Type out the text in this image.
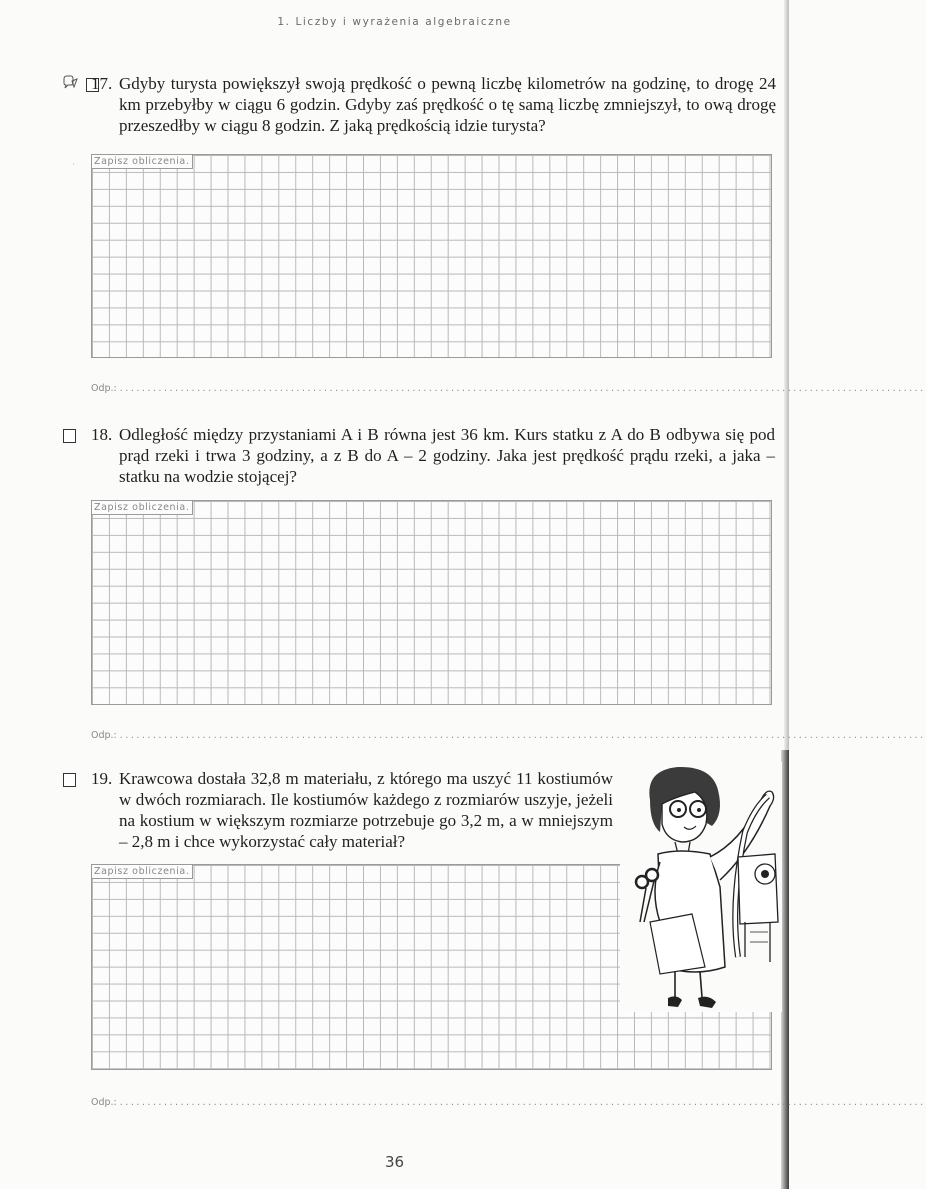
1. Liczby i wyrażenia algebraiczne
17. Gdyby turysta powiększył swoją prędkość o pewną liczbę kilometrów na godzinę, to drogę 24 km przebyłby w ciągu 6 godzin. Gdyby zaś prędkość o tę samą liczbę zmniejszył, to ową drogę przeszedłby w ciągu 8 godzin. Z jaką prędkością idzie turysta?
· Zapisz obliczenia.
Odp.: ..................................................................................................................................................
18. Odległość między przystaniami A i B równa jest 36 km. Kurs statku z A do B odbywa się pod prąd rzeki i trwa 3 godziny, a z B do A – 2 godziny. Jaka jest prędkość prądu rzeki, a jaka – statku na wodzie stojącej?
Zapisz obliczenia.
Odp.: ..................................................................................................................................................
19. Krawcowa dostała 32,8 m materiału, z którego ma uszyć 11 kostiumów w dwóch rozmiarach. Ile kostiumów każdego z rozmiarów uszyje, jeżeli na kostium w większym rozmiarze potrzebuje go 3,2 m, a w mniejszym – 2,8 m i chce wykorzystać cały materiał?
Zapisz obliczenia.
Odp.: ..................................................................................................................................................
36
